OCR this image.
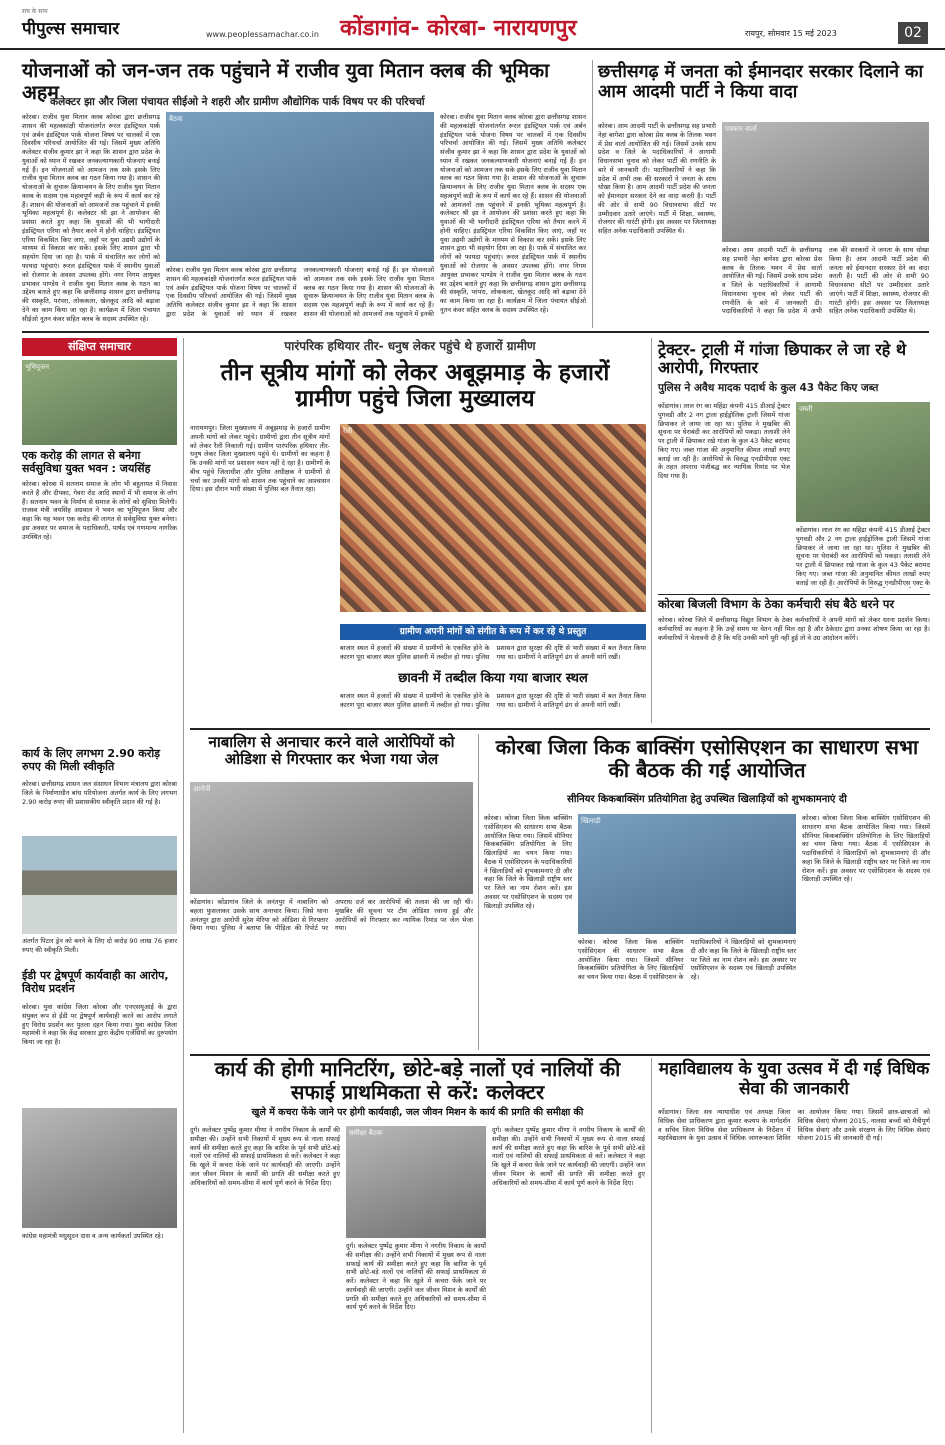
सच के साथ
पीपुल्स समाचार	www.peoplessamachar.co.in कोंडागांव- कोरबा- नारायणपुर	रायपुर, सोमवार 15 मई 2023	02
योजनाओं को जन-जन तक पहुंचाने में राजीव युवा मितान क्लब की भूमिका अहम
कलेक्टर झा और जिला पंचायत सीईओ ने शहरी और ग्रामीण औद्योगिक पार्क विषय पर की परिचर्चा
बैठक
कोरबा। राजीव युवा मितान क्लब कोरबा द्वारा छत्तीसगढ़ शासन की महत्वकांक्षी योजनांतर्गत रूरल इंडस्ट्रियल पार्क एवं अर्बन इंडस्ट्रियल पार्क योजना विषय पर चालकों में एक दिवसीय परिचर्चा आयोजित की गई। जिसमें मुख्य अतिथि कलेक्टर संजीव कुमार झा ने कहा कि शासन द्वारा प्रदेश के युवाओं को ध्यान में रखकर जनकल्याणकारी योजनाएं बनाई गई हैं। इन योजनाओं को आमजन तक सके इसके लिए राजीव युवा मितान क्लब का गठन किया गया है। शासन की योजनाओं के सुचारू क्रियान्वयन के लिए राजीव युवा मितान क्लब के सदस्य एक महत्वपूर्ण कड़ी के रूप में कार्य कर रहे हैं। शासन की योजनाओं को आमजनों तक पहुंचाने में इनकी भूमिका महत्वपूर्ण है। कलेक्टर श्री झा ने आयोजन की प्रशंसा करते हुए कहा कि युवाओं की भी भागीदारी इंडस्ट्रियल एरिया को तैयार करने में होनी चाहिए। इंडस्ट्रियल एरिया विकसित किए जाएं, जहाँ पर युवा उद्यमी उद्योगों के माध्यम से विकास कर सकें। इसके लिए शासन द्वारा भी सहयोग दिया जा रहा है। पार्क में संचालित कर लोगों को फायदा पहुंचाएं। रूरल इंडस्ट्रियल पार्क में स्थानीय युवाओं को रोजगार के अवसर उपलब्ध होंगे। नगर निगम आयुक्त प्रभाकर पाण्डेय ने राजीव युवा मितान क्लब के गठन का उद्देश्य बताते हुए कहा कि छत्तीसगढ़ शासन द्वारा छत्तीसगढ़ की संस्कृति, परंपरा, लोककला, खेलकूद आदि को बढ़ावा देने का काम किया जा रहा है। कार्यक्रम में जिला पंचायत सीईओ नूतन कंवर सहित क्लब के सदस्य उपस्थित रहे।
कोरबा। राजीव युवा मितान क्लब कोरबा द्वारा छत्तीसगढ़ शासन की महत्वकांक्षी योजनांतर्गत रूरल इंडस्ट्रियल पार्क एवं अर्बन इंडस्ट्रियल पार्क योजना विषय पर चालकों में एक दिवसीय परिचर्चा आयोजित की गई। जिसमें मुख्य अतिथि कलेक्टर संजीव कुमार झा ने कहा कि शासन द्वारा प्रदेश के युवाओं को ध्यान में रखकर जनकल्याणकारी योजनाएं बनाई गई हैं। इन योजनाओं को आमजन तक सके इसके लिए राजीव युवा मितान क्लब का गठन किया गया है। शासन की योजनाओं के सुचारू क्रियान्वयन के लिए राजीव युवा मितान क्लब के सदस्य एक महत्वपूर्ण कड़ी के रूप में कार्य कर रहे हैं। शासन की योजनाओं को आमजनों तक पहुंचाने में इनकी भूमिका महत्वपूर्ण है। कलेक्टर श्री झा ने आयोजन की प्रशंसा करते हुए कहा कि युवाओं की भी भागीदारी इंडस्ट्रियल एरिया को तैयार करने में होनी चाहिए। इंडस्ट्रियल एरिया विकसित किए जाएं, जहाँ पर युवा उद्यमी उद्योगों के माध्यम से विकास कर सकें। इसके लिए शासन द्वारा भी सहयोग दिया जा रहा है। पार्क में संचालित कर लोगों को फायदा पहुंचाएं। रूरल इंडस्ट्रियल पार्क में स्थानीय युवाओं को रोजगार के अवसर उपलब्ध होंगे। नगर निगम आयुक्त प्रभाकर पाण्डेय ने राजीव युवा मितान क्लब के गठन का उद्देश्य बताते हुए कहा कि छत्तीसगढ़ शासन द्वारा छत्तीसगढ़ की संस्कृति, परंपरा, लोककला, खेलकूद आदि को बढ़ावा देने का काम किया जा रहा है। कार्यक्रम में जिला पंचायत सीईओ नूतन कंवर सहित क्लब के सदस्य उपस्थित रहे।
कोरबा। राजीव युवा मितान क्लब कोरबा द्वारा छत्तीसगढ़ शासन की महत्वकांक्षी योजनांतर्गत रूरल इंडस्ट्रियल पार्क एवं अर्बन इंडस्ट्रियल पार्क योजना विषय पर चालकों में एक दिवसीय परिचर्चा आयोजित की गई। जिसमें मुख्य अतिथि कलेक्टर संजीव कुमार झा ने कहा कि शासन द्वारा प्रदेश के युवाओं को ध्यान में रखकर जनकल्याणकारी योजनाएं बनाई गई हैं। इन योजनाओं को आमजन तक सके इसके लिए राजीव युवा मितान क्लब का गठन किया गया है। शासन की योजनाओं के सुचारू क्रियान्वयन के लिए राजीव युवा मितान क्लब के सदस्य एक महत्वपूर्ण कड़ी के रूप में कार्य कर रहे हैं। शासन की योजनाओं को आमजनों तक पहुंचाने में इनकी
छत्तीसगढ़ में जनता को ईमानदार सरकार दिलाने का आम आदमी पार्टी ने किया वादा
पत्रकार वार्ता
कोरबा। आम आदमी पार्टी के छत्तीसगढ़ सह प्रभारी नेहा बागेशा द्वारा कोरबा प्रेस क्लब के तिलक भवन में प्रेस वार्ता आयोजित की गई। जिसमें उनके साथ प्रदेश व जिले के पदाधिकारियों ने आगामी विधानसभा चुनाव को लेकर पार्टी की रणनीति के बारे में जानकारी दी। पदाधिकारियों ने कहा कि प्रदेश में अभी तक की सरकारों ने जनता के साथ धोखा किया है। आम आदमी पार्टी प्रदेश की जनता को ईमानदार सरकार देने का वादा करती है। पार्टी की ओर से सभी 90 विधानसभा सीटों पर उम्मीदवार उतारे जाएंगे। पार्टी में शिक्षा, स्वास्थ्य, रोजगार की गारंटी होगी। इस अवसर पर जिलाध्यक्ष सहित अनेक पदाधिकारी उपस्थित थे।
कोरबा। आम आदमी पार्टी के छत्तीसगढ़ सह प्रभारी नेहा बागेशा द्वारा कोरबा प्रेस क्लब के तिलक भवन में प्रेस वार्ता आयोजित की गई। जिसमें उनके साथ प्रदेश व जिले के पदाधिकारियों ने आगामी विधानसभा चुनाव को लेकर पार्टी की रणनीति के बारे में जानकारी दी। पदाधिकारियों ने कहा कि प्रदेश में अभी तक की सरकारों ने जनता के साथ धोखा किया है। आम आदमी पार्टी प्रदेश की जनता को ईमानदार सरकार देने का वादा करती है। पार्टी की ओर से सभी 90 विधानसभा सीटों पर उम्मीदवार उतारे जाएंगे। पार्टी में शिक्षा, स्वास्थ्य, रोजगार की गारंटी होगी। इस अवसर पर जिलाध्यक्ष सहित अनेक पदाधिकारी उपस्थित थे।
संक्षिप्त समाचार
भूमिपूजन
एक करोड़ की लागत से बनेगा सर्वसुविधा युक्त भवन : जयसिंह
कोरबा। कोरबा में सतनाम समाज के लोग भी बहुतायत में निवास करते हैं और दीपका, गेवरा रोड आदि स्थानों में भी समाज के लोग हैं। सतनाम भवन के निर्माण से समाज के लोगों को सुविधा मिलेगी। राजस्व मंत्री जयसिंह अग्रवाल ने भवन का भूमिपूजन किया और कहा कि यह भवन एक करोड़ की लागत से सर्वसुविधा युक्त बनेगा। इस अवसर पर समाज के पदाधिकारी, पार्षद एवं गणमान्य नागरिक उपस्थित रहे।
कार्य के लिए लगभग 2.90 करोड़ रुपए की मिली स्वीकृति
कोरबा। छत्तीसगढ़ शासन जल संसाधन विभाग मंत्रालय द्वारा कोरबा जिले के निर्माणाधीन बांध परियोजना अंतर्गत कार्य के लिए लगभग 2.90 करोड़ रुपए की प्रशासकीय स्वीकृति प्रदान की गई है।
अंतर्गत पिटल ड्रेन को बनने के लिए दो करोड़ 90 लाख 76 हजार रुपए की स्वीकृति मिली।
ईडी पर द्वेषपूर्ण कार्यवाही का आरोप, विरोध प्रदर्शन
कोरबा। युवा कांग्रेस जिला कोरबा और एनएसयूआई के द्वारा संयुक्त रूप से ईडी पर द्वेषपूर्ण कार्यवाही करने का आरोप लगाते हुए विरोध प्रदर्शन कर पुतला दहन किया गया। युवा कांग्रेस जिला महामंत्री ने कहा कि केंद्र सरकार द्वारा केंद्रीय एजेंसियों का दुरुपयोग किया जा रहा है।
कांग्रेस महामंत्री मधुसूदन दास व अन्य कार्यकर्ता उपस्थित रहे।
पारंपरिक हथियार तीर- धनुष लेकर पहुंचे थे हजारों ग्रामीण
तीन सूत्रीय मांगों को लेकर अबूझमाड़ के हजारों ग्रामीण पहुंचे जिला मुख्यालय
नारायणपुर। जिला मुख्यालय में अबूझमाड़ के हजारों ग्रामीण अपनी मांगों को लेकर पहुंचे। ग्रामीणों द्वारा तीन सूत्रीय मांगों को लेकर रैली निकाली गई। ग्रामीण पारंपरिक हथियार तीर-धनुष लेकर जिला मुख्यालय पहुंचे थे। ग्रामीणों का कहना है कि उनकी मांगों पर प्रशासन ध्यान नहीं दे रहा है। ग्रामीणों के बीच पहुंचे जिलाधीश और पुलिस अधीक्षक ने ग्रामीणों से चर्चा कर उनकी मांगों को शासन तक पहुंचाने का आश्वासन दिया। इस दौरान भारी संख्या में पुलिस बल तैनात रहा।
रैली
ग्रामीण अपनी मांगों को संगीत के रूप में कर रहे थे प्रस्तुत
बाजार स्थल में हजारों की संख्या में ग्रामीणों के एकत्रित होने के कारण पूरा बाजार स्थल पुलिस छावनी में तब्दील हो गया। पुलिस प्रशासन द्वारा सुरक्षा की दृष्टि से भारी संख्या में बल तैनात किया गया था। ग्रामीणों ने शांतिपूर्ण ढंग से अपनी मांगें रखीं।
छावनी में तब्दील किया गया बाजार स्थल
बाजार स्थल में हजारों की संख्या में ग्रामीणों के एकत्रित होने के कारण पूरा बाजार स्थल पुलिस छावनी में तब्दील हो गया। पुलिस प्रशासन द्वारा सुरक्षा की दृष्टि से भारी संख्या में बल तैनात किया गया था। ग्रामीणों ने शांतिपूर्ण ढंग से अपनी मांगें रखीं।
ट्रेक्टर- ट्राली में गांजा छिपाकर ले जा रहे थे आरोपी, गिरफ्तार
पुलिस ने अवैध मादक पदार्थ के कुल 43 पैकेट किए जब्त
कोंडागांव। लाल रंग का महिंद्रा कंपनी 415 डीआई ट्रेक्टर पुगवडी और 2 नग ट्राला हाईड्रोलिक ट्राली जिसमें गांजा छिपाकर ले जाया जा रहा था। पुलिस ने मुखबिर की सूचना पर घेराबंदी कर आरोपियों को पकड़ा। तलाशी लेने पर ट्राली में छिपाकर रखे गांजा के कुल 43 पैकेट बरामद किए गए। जब्त गांजा की अनुमानित कीमत लाखों रुपए बताई जा रही है। आरोपियों के विरुद्ध एनडीपीएस एक्ट के तहत अपराध पंजीबद्ध कर न्यायिक रिमांड पर भेज दिया गया है।
जब्ती
कोंडागांव। लाल रंग का महिंद्रा कंपनी 415 डीआई ट्रेक्टर पुगवडी और 2 नग ट्राला हाईड्रोलिक ट्राली जिसमें गांजा छिपाकर ले जाया जा रहा था। पुलिस ने मुखबिर की सूचना पर घेराबंदी कर आरोपियों को पकड़ा। तलाशी लेने पर ट्राली में छिपाकर रखे गांजा के कुल 43 पैकेट बरामद किए गए। जब्त गांजा की अनुमानित कीमत लाखों रुपए बताई जा रही है। आरोपियों के विरुद्ध एनडीपीएस एक्ट के
कोरबा बिजली विभाग के ठेका कर्मचारी संघ बैठे धरने पर
कोरबा। कोरबा जिले में छत्तीसगढ़ विद्युत विभाग के ठेका कर्मचारियों ने अपनी मांगों को लेकर धरना प्रदर्शन किया। कर्मचारियों का कहना है कि उन्हें समय पर वेतन नहीं मिल रहा है और ठेकेदार द्वारा उनका शोषण किया जा रहा है। कर्मचारियों ने चेतावनी दी है कि यदि उनकी मांगें पूरी नहीं हुई तो वे उग्र आंदोलन करेंगे।
नाबालिग से अनाचार करने वाले आरोपियों को ओडिशा से गिरफ्तार कर भेजा गया जेल
आरोपी
कोंडागांव। कोंडागांव जिले के अनंतपुर में नाबालिग को बहला फुसलाकर उसके साथ अनाचार किया। जिसे थाना अनंतपुर द्वारा आरोपी सुरेश मेरिया को ओडिशा से गिरफ्तार किया गया। पुलिस ने बताया कि पीड़िता की रिपोर्ट पर अपराध दर्ज कर आरोपियों की तलाश की जा रही थी। मुखबिर की सूचना पर टीम ओडिशा रवाना हुई और आरोपियों को गिरफ्तार कर न्यायिक रिमांड पर जेल भेजा गया।
कोरबा जिला किक बाक्सिंग एसोसिएशन का साधारण सभा की बैठक की गई आयोजित
सीनियर किकबाक्सिंग प्रतियोगिता हेतु उपस्थित खिलाड़ियों को शुभकामनाएं दी
कोरबा। कोरबा जिला किक बाक्सिंग एसोसिएशन की साधारण सभा बैठक आयोजित किया गया। जिसमें सीनियर किकबाक्सिंग प्रतियोगिता के लिए खिलाड़ियों का चयन किया गया। बैठक में एसोसिएशन के पदाधिकारियों ने खिलाड़ियों को शुभकामनाएं दी और कहा कि जिले के खिलाड़ी राष्ट्रीय स्तर पर जिले का नाम रोशन करें। इस अवसर पर एसोसिएशन के सदस्य एवं खिलाड़ी उपस्थित रहे।
खिलाड़ी
कोरबा। कोरबा जिला किक बाक्सिंग एसोसिएशन की साधारण सभा बैठक आयोजित किया गया। जिसमें सीनियर किकबाक्सिंग प्रतियोगिता के लिए खिलाड़ियों का चयन किया गया। बैठक में एसोसिएशन के पदाधिकारियों ने खिलाड़ियों को शुभकामनाएं दी और कहा कि जिले के खिलाड़ी राष्ट्रीय स्तर पर जिले का नाम रोशन करें। इस अवसर पर एसोसिएशन के सदस्य एवं खिलाड़ी उपस्थित रहे।
कोरबा। कोरबा जिला किक बाक्सिंग एसोसिएशन की साधारण सभा बैठक आयोजित किया गया। जिसमें सीनियर किकबाक्सिंग प्रतियोगिता के लिए खिलाड़ियों का चयन किया गया। बैठक में एसोसिएशन के पदाधिकारियों ने खिलाड़ियों को शुभकामनाएं दी और कहा कि जिले के खिलाड़ी राष्ट्रीय स्तर पर जिले का नाम रोशन करें। इस अवसर पर एसोसिएशन के सदस्य एवं खिलाड़ी उपस्थित रहे।
कार्य की होगी मानिटरिंग, छोटे-बड़े नालों एवं नालियों की सफाई प्राथमिकता से करें: कलेक्टर
खुले में कचरा फेंके जाने पर होगी कार्यवाही, जल जीवन मिशन के कार्य की प्रगति की समीक्षा की
दुर्ग। कलेक्टर पुष्पेंद्र कुमार मीणा ने नगरीय निकाय के कार्यों की समीक्षा की। उन्होंने सभी निकायों में मुख्य रूप से नाला सफाई कार्य की समीक्षा करते हुए कहा कि बारिश के पूर्व सभी छोटे-बड़े नालों एवं नालियों की सफाई प्राथमिकता से करें। कलेक्टर ने कहा कि खुले में कचरा फेंके जाने पर कार्यवाही की जाएगी। उन्होंने जल जीवन मिशन के कार्यों की प्रगति की समीक्षा करते हुए अधिकारियों को समय-सीमा में कार्य पूर्ण करने के निर्देश दिए।
समीक्षा बैठक
दुर्ग। कलेक्टर पुष्पेंद्र कुमार मीणा ने नगरीय निकाय के कार्यों की समीक्षा की। उन्होंने सभी निकायों में मुख्य रूप से नाला सफाई कार्य की समीक्षा करते हुए कहा कि बारिश के पूर्व सभी छोटे-बड़े नालों एवं नालियों की सफाई प्राथमिकता से करें। कलेक्टर ने कहा कि खुले में कचरा फेंके जाने पर कार्यवाही की जाएगी। उन्होंने जल जीवन मिशन के कार्यों की प्रगति की समीक्षा करते हुए अधिकारियों को समय-सीमा में कार्य पूर्ण करने के निर्देश दिए।
दुर्ग। कलेक्टर पुष्पेंद्र कुमार मीणा ने नगरीय निकाय के कार्यों की समीक्षा की। उन्होंने सभी निकायों में मुख्य रूप से नाला सफाई कार्य की समीक्षा करते हुए कहा कि बारिश के पूर्व सभी छोटे-बड़े नालों एवं नालियों की सफाई प्राथमिकता से करें। कलेक्टर ने कहा कि खुले में कचरा फेंके जाने पर कार्यवाही की जाएगी। उन्होंने जल जीवन मिशन के कार्यों की प्रगति की समीक्षा करते हुए अधिकारियों को समय-सीमा में कार्य पूर्ण करने के निर्देश दिए।
महाविद्यालय के युवा उत्सव में दी गई विधिक सेवा की जानकारी
कोंडागांव। जिला सत्र न्यायाधीश एवं अध्यक्ष जिला विधिक सेवा प्राधिकरण द्वारा कुमार कश्यप के मार्गदर्शन व सचिव जिला विधिक सेवा प्राधिकरण के निर्देशन में महाविद्यालय के युवा उत्सव में विधिक जागरूकता शिविर का आयोजन किया गया। जिसमें छात्र-छात्राओं को विधिक सेवाएं योजना 2015, नालसा बच्चों को मैत्रीपूर्ण विधिक सेवाएं और उनके संरक्षण के लिए विधिक सेवाएं योजना 2015 की जानकारी दी गई।
